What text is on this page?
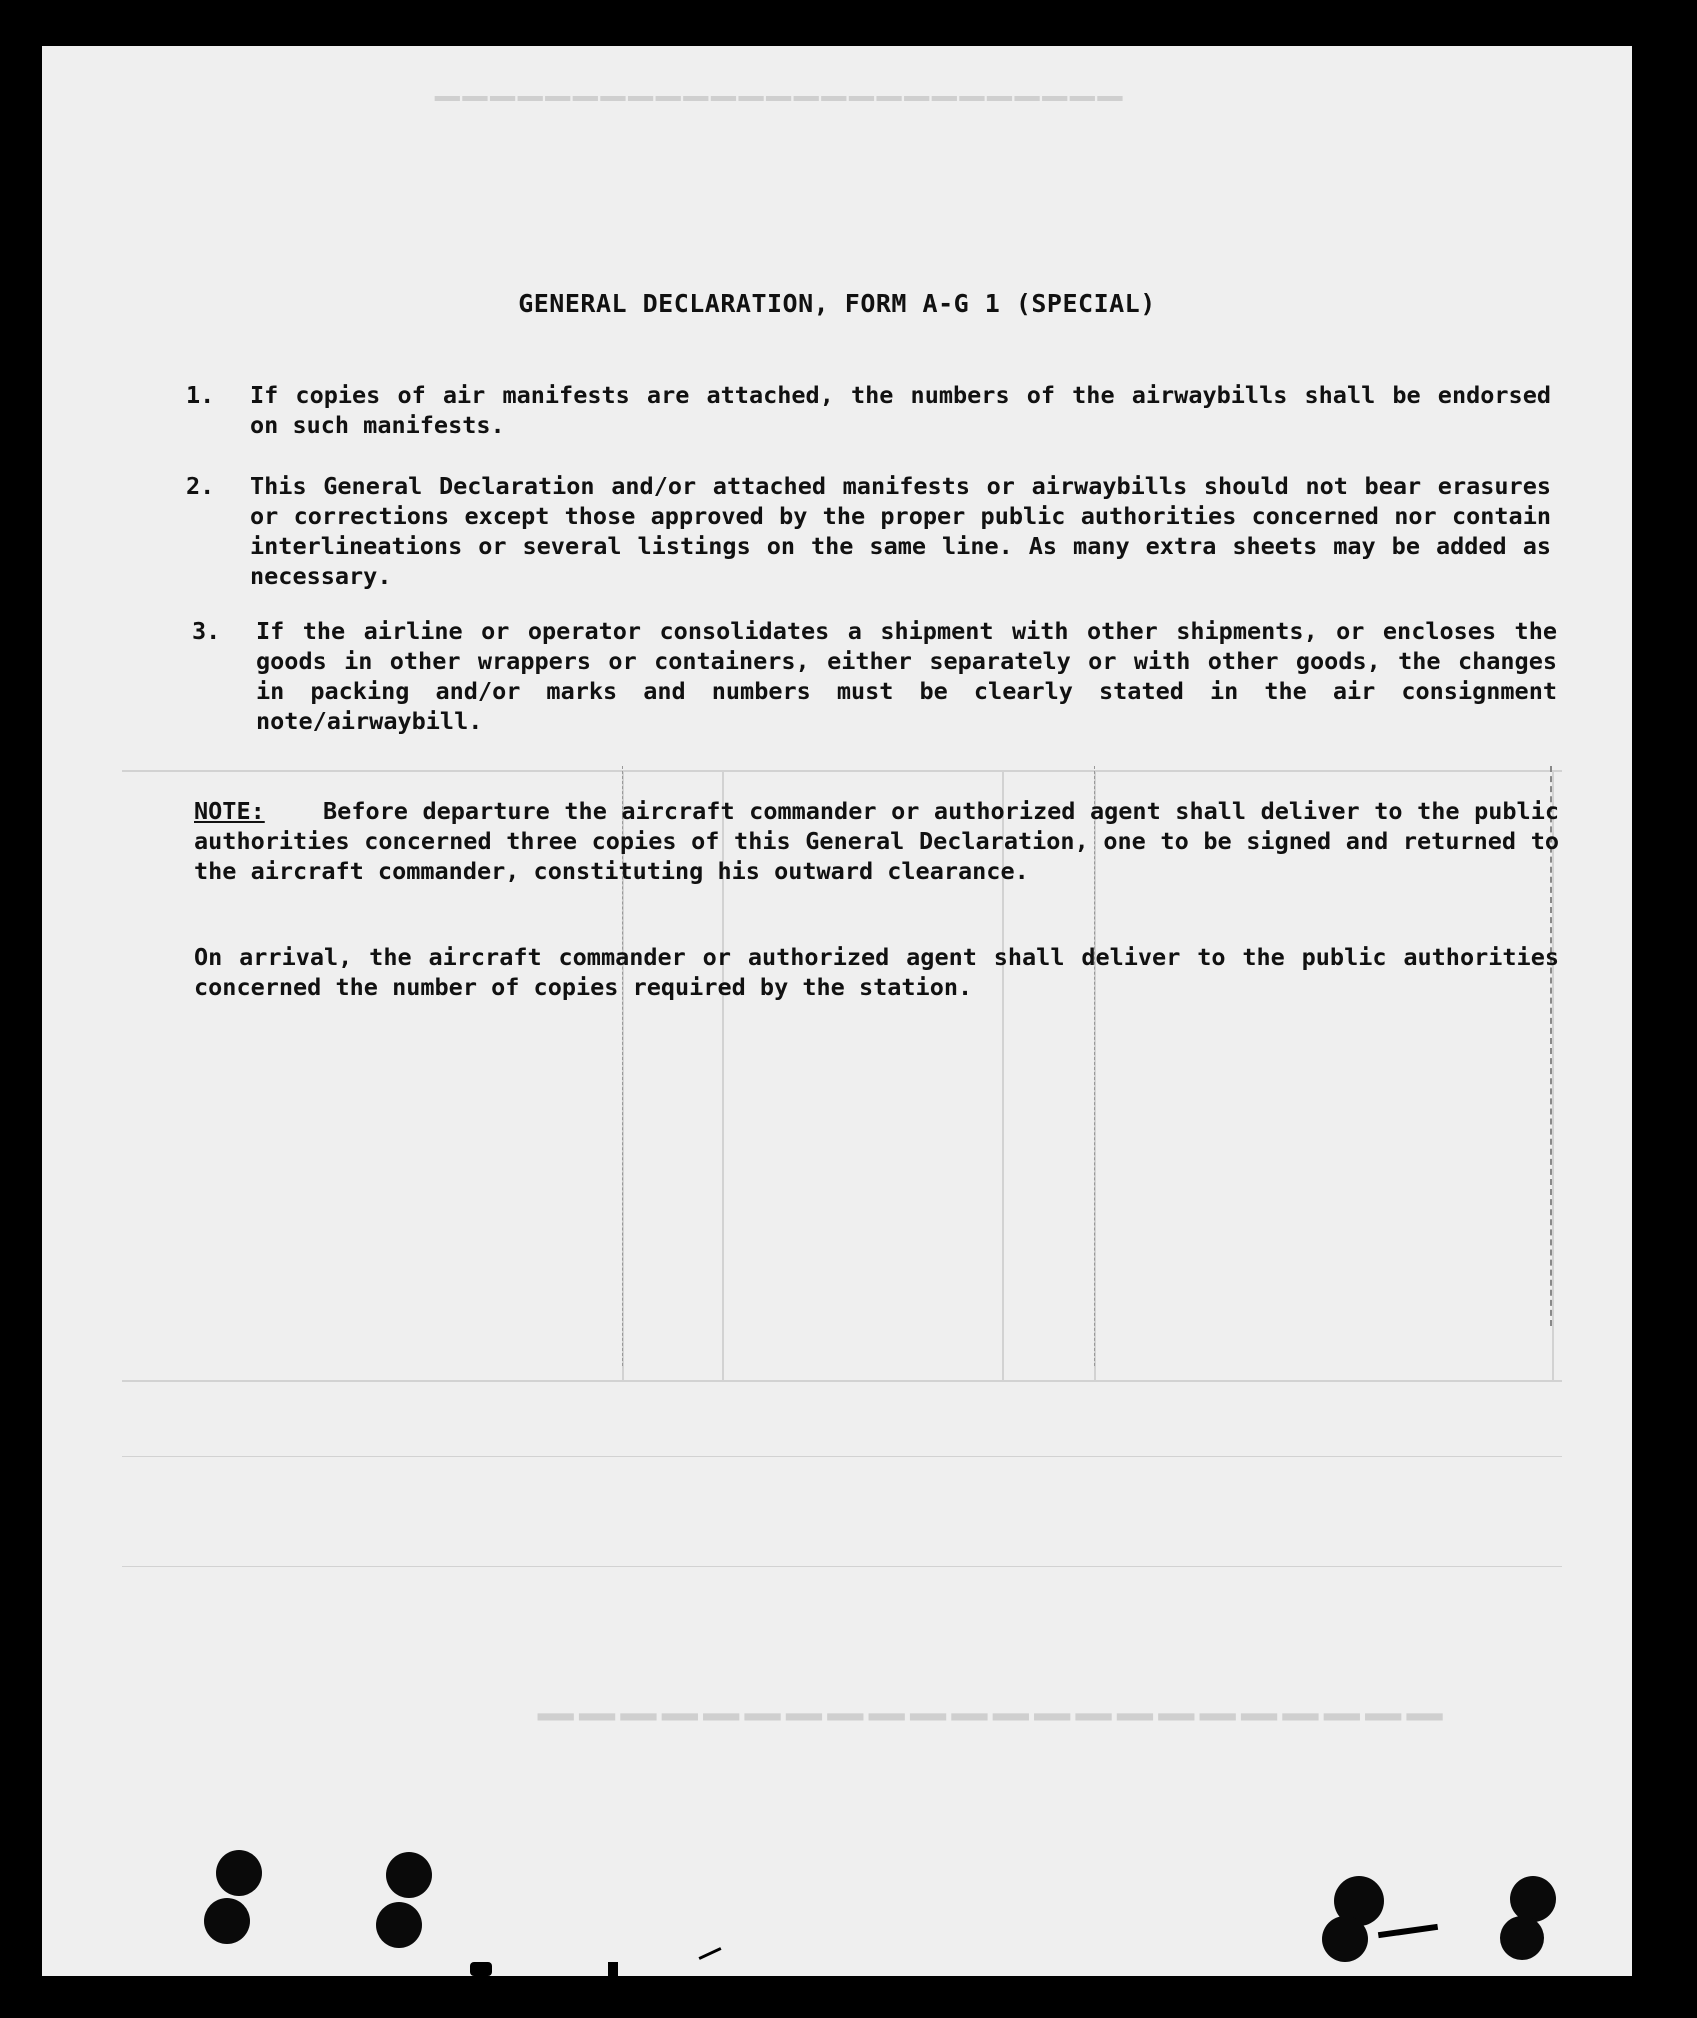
▔▔▔▔▔▔▔▔▔▔▔▔▔▔▔▔▔▔▔▔▔▔▔▔▔
▁▁▁▁▁▁▁▁▁▁▁▁▁▁▁▁▁▁▁▁▁▁
GENERAL DECLARATION, FORM A-G 1 (SPECIAL)
1. If copies of air manifests are attached, the numbers of the airwaybills shall be endorsed on such manifests.
2. This General Declaration and/or attached manifests or airwaybills should not bear erasures or corrections except those approved by the proper public authorities concerned nor contain interlineations or several listings on the same line. As many extra sheets may be added as necessary.
3. If the airline or operator consolidates a shipment with other shipments, or encloses the goods in other wrappers or containers, either separately or with other goods, the changes in packing and/or marks and numbers must be clearly stated in the air consignment note/airwaybill.
NOTE: Before departure the aircraft commander or authorized agent shall deliver to the public authorities concerned three copies of this General Declaration, one to be signed and returned to the aircraft commander, constituting his outward clearance.
On arrival, the aircraft commander or authorized agent shall deliver to the public authorities concerned the number of copies required by the station.
